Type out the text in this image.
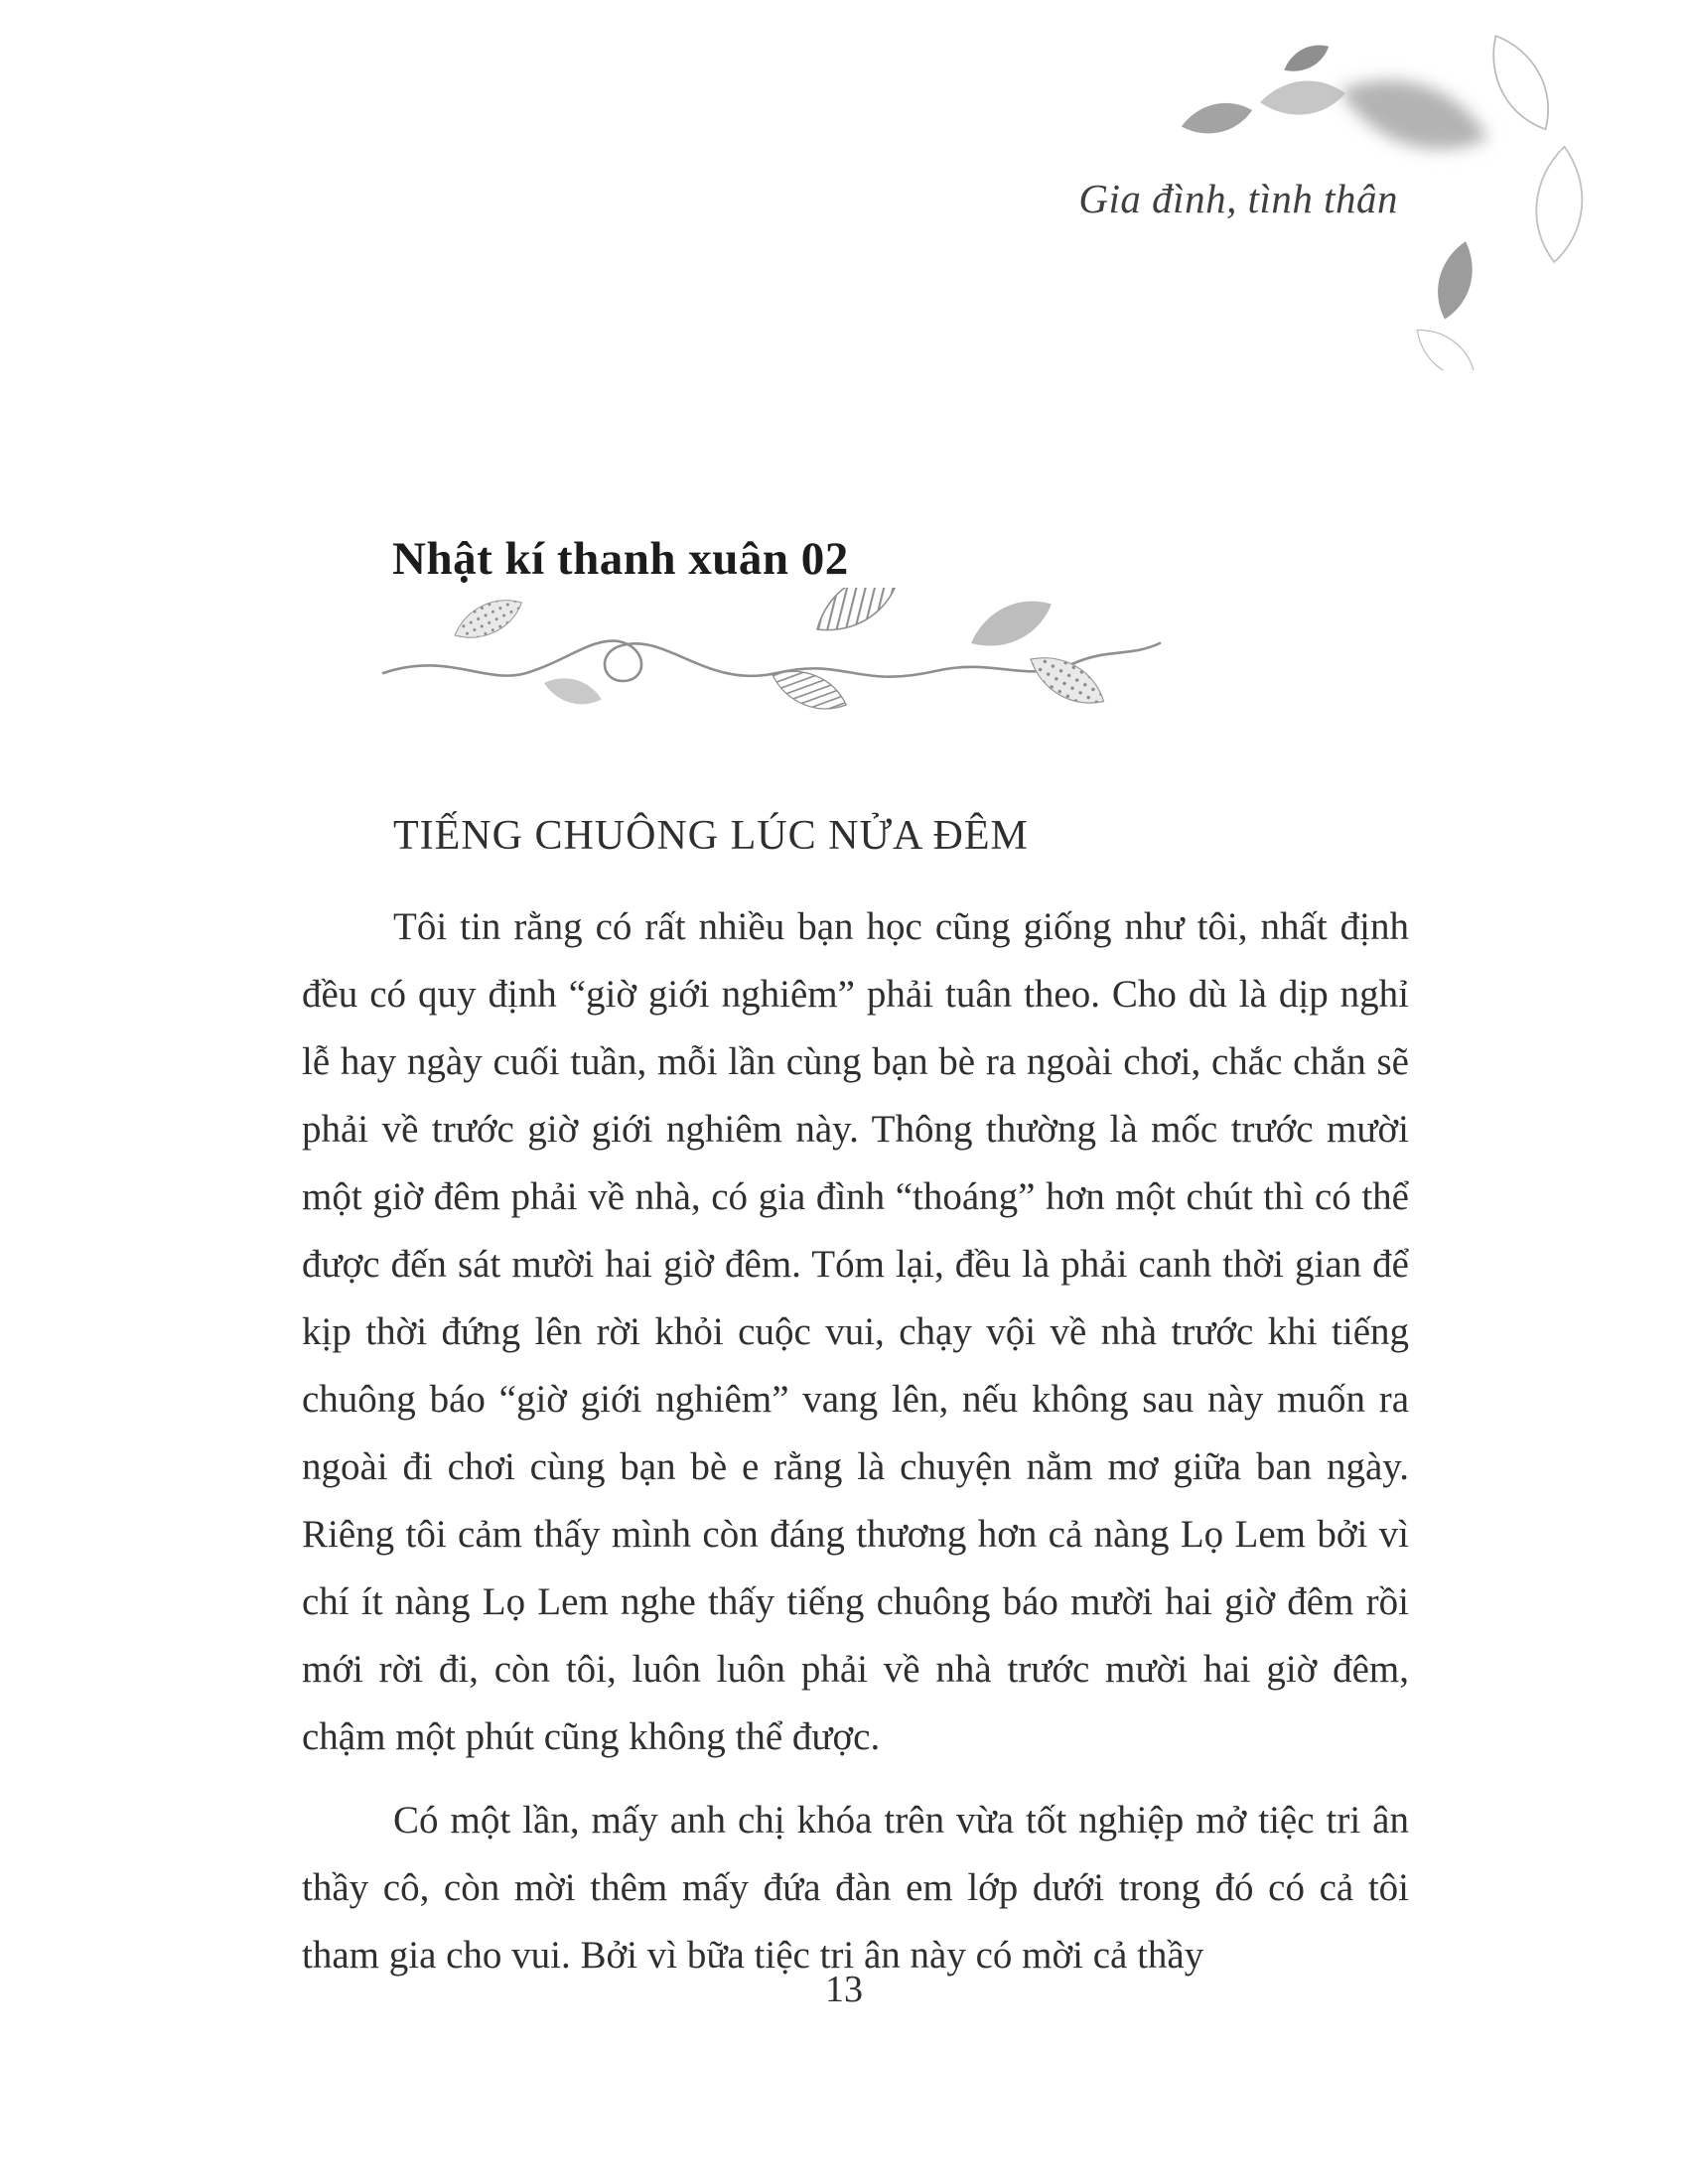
Gia đình, tình thân
Nhật kí thanh xuân 02
TIẾNG CHUÔNG LÚC NỬA ĐÊM

Tôi tin rằng có rất nhiều bạn học cũng giống như tôi, nhất định đều có quy định “giờ giới nghiêm” phải tuân theo. Cho dù là dịp nghỉ lễ hay ngày cuối tuần, mỗi lần cùng bạn bè ra ngoài chơi, chắc chắn sẽ phải về trước giờ giới nghiêm này. Thông thường là mốc trước mười một giờ đêm phải về nhà, có gia đình “thoáng” hơn một chút thì có thể được đến sát mười hai giờ đêm. Tóm lại, đều là phải canh thời gian để kịp thời đứng lên rời khỏi cuộc vui, chạy vội về nhà trước khi tiếng chuông báo “giờ giới nghiêm” vang lên, nếu không sau này muốn ra ngoài đi chơi cùng bạn bè e rằng là chuyện nằm mơ giữa ban ngày. Riêng tôi cảm thấy mình còn đáng thương hơn cả nàng Lọ Lem bởi vì chí ít nàng Lọ Lem nghe thấy tiếng chuông báo mười hai giờ đêm rồi mới rời đi, còn tôi, luôn luôn phải về nhà trước mười hai giờ đêm, chậm một phút cũng không thể được.

Có một lần, mấy anh chị khóa trên vừa tốt nghiệp mở tiệc tri ân thầy cô, còn mời thêm mấy đứa đàn em lớp dưới trong đó có cả tôi tham gia cho vui. Bởi vì bữa tiệc tri ân này có mời cả thầy

13
